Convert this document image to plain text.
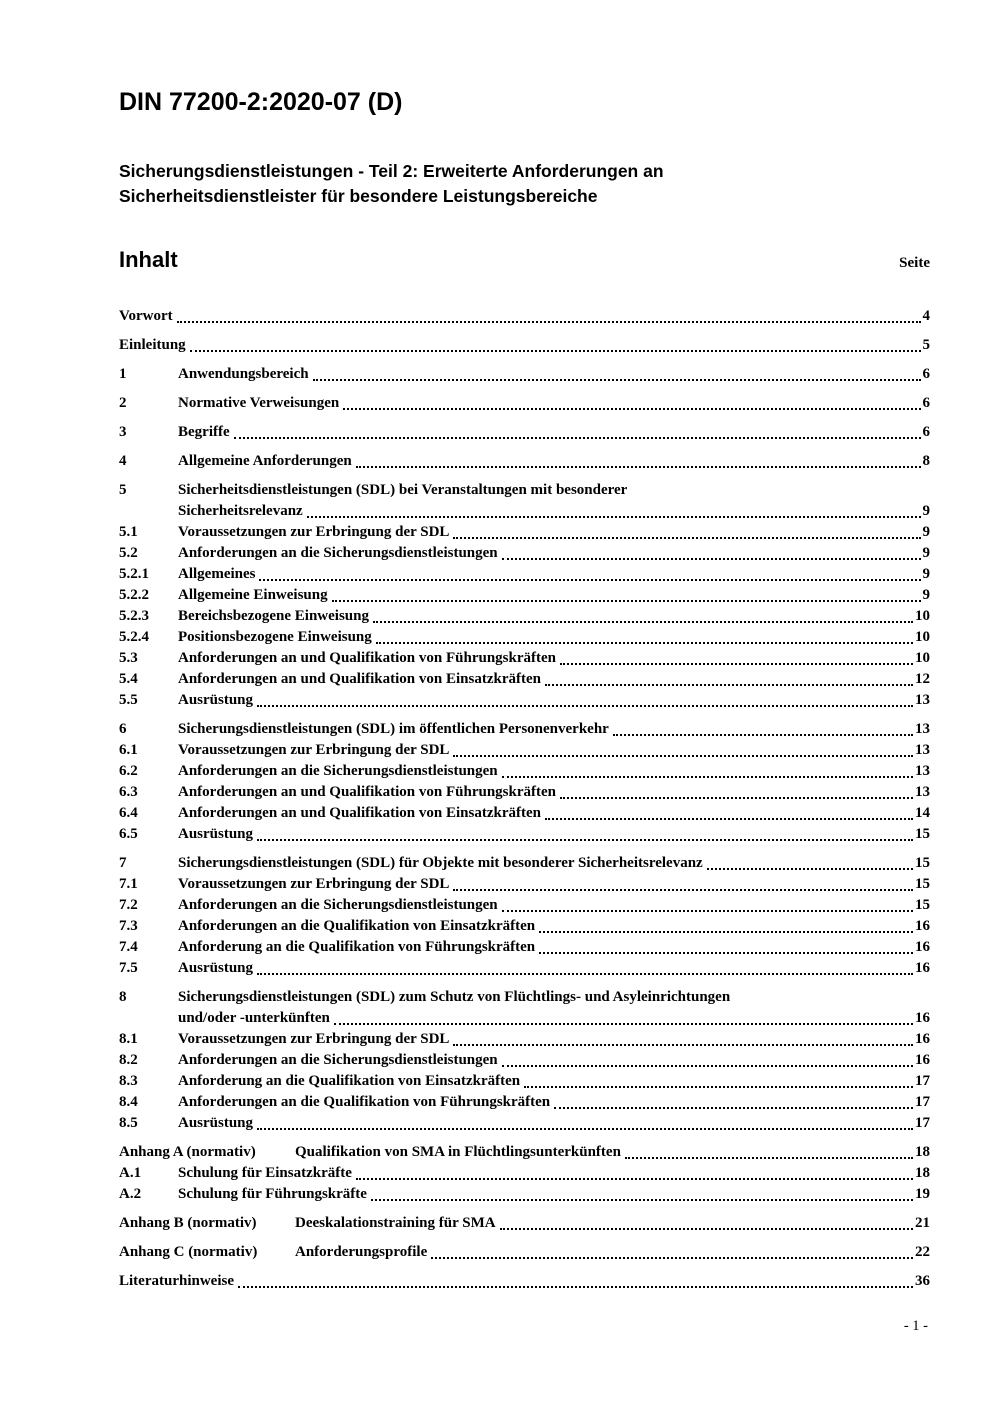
DIN 77200-2:2020-07 (D)
Sicherungsdienstleistungen - Teil 2: Erweiterte Anforderungen an Sicherheitsdienstleister für besondere Leistungsbereiche
Inhalt	Seite
Vorwort	4
Einleitung	5
1	Anwendungsbereich	6
2	Normative Verweisungen	6
3	Begriffe	6
4	Allgemeine Anforderungen	8
5	Sicherheitsdienstleistungen (SDL) bei Veranstaltungen mit besonderer
Sicherheitsrelevanz	9
5.1	Voraussetzungen zur Erbringung der SDL	9
5.2	Anforderungen an die Sicherungsdienstleistungen	9
5.2.1	Allgemeines	9
5.2.2	Allgemeine Einweisung	9
5.2.3	Bereichsbezogene Einweisung	10
5.2.4	Positionsbezogene Einweisung	10
5.3	Anforderungen an und Qualifikation von Führungskräften	10
5.4	Anforderungen an und Qualifikation von Einsatzkräften	12
5.5	Ausrüstung	13
6	Sicherungsdienstleistungen (SDL) im öffentlichen Personenverkehr	13
6.1	Voraussetzungen zur Erbringung der SDL	13
6.2	Anforderungen an die Sicherungsdienstleistungen	13
6.3	Anforderungen an und Qualifikation von Führungskräften	13
6.4	Anforderungen an und Qualifikation von Einsatzkräften	14
6.5	Ausrüstung	15
7	Sicherungsdienstleistungen (SDL) für Objekte mit besonderer Sicherheitsrelevanz	15
7.1	Voraussetzungen zur Erbringung der SDL	15
7.2	Anforderungen an die Sicherungsdienstleistungen	15
7.3	Anforderungen an die Qualifikation von Einsatzkräften	16
7.4	Anforderung an die Qualifikation von Führungskräften	16
7.5	Ausrüstung	16
8	Sicherungsdienstleistungen (SDL) zum Schutz von Flüchtlings- und Asyleinrichtungen
und/oder -unterkünften	16
8.1	Voraussetzungen zur Erbringung der SDL	16
8.2	Anforderungen an die Sicherungsdienstleistungen	16
8.3	Anforderung an die Qualifikation von Einsatzkräften	17
8.4	Anforderungen an die Qualifikation von Führungskräften	17
8.5	Ausrüstung	17
Anhang A (normativ)	Qualifikation von SMA in Flüchtlingsunterkünften	18
A.1	Schulung für Einsatzkräfte	18
A.2	Schulung für Führungskräfte	19
Anhang B (normativ)	Deeskalationstraining für SMA	21
Anhang C (normativ)	Anforderungsprofile	22
Literaturhinweise	36
- 1 -
